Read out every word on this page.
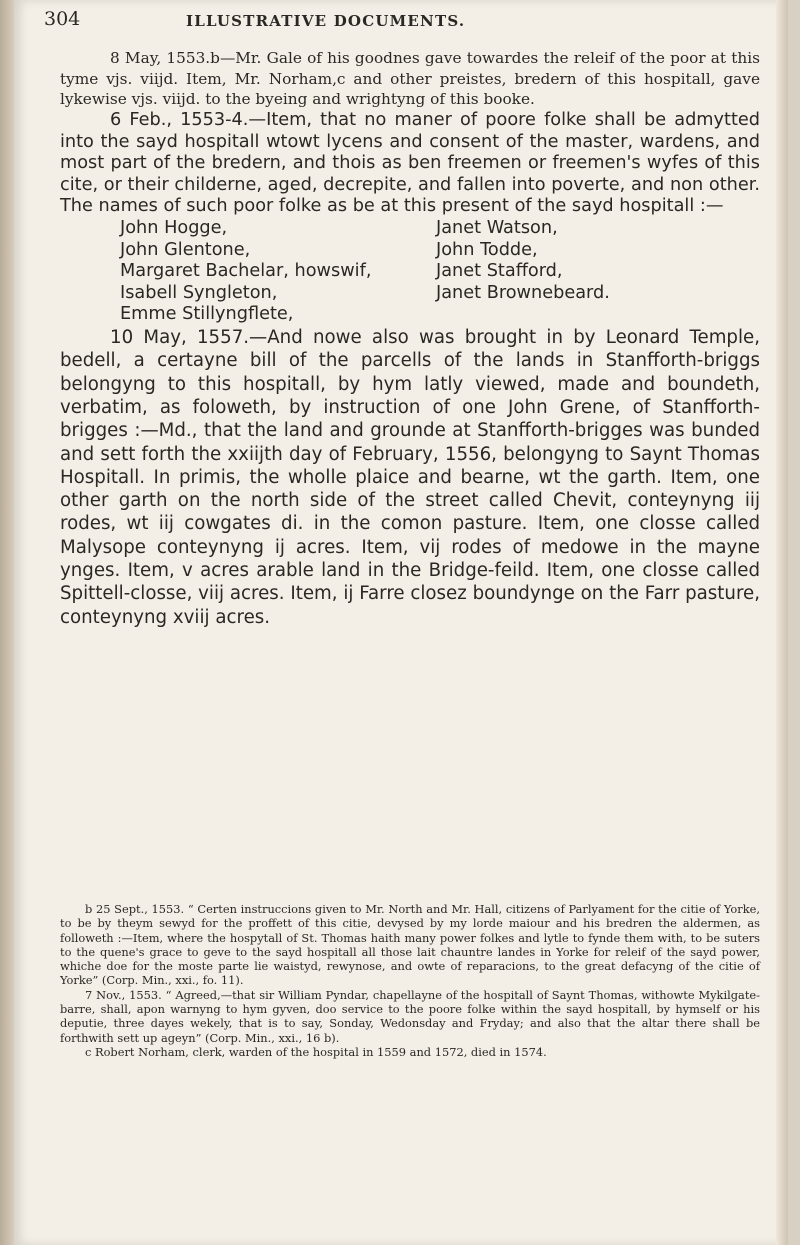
304	ILLUSTRATIVE DOCUMENTS.

8 May, 1553.b—Mr. Gale of his goodnes gave towardes the releif of the poor at this tyme vjs. viijd. Item, Mr. Norham,c and other preistes, bredern of this hospitall, gave lykewise vjs. viijd. to the byeing and wrightyng of this booke.

6 Feb., 1553-4.—Item, that no maner of poore folke shall be admytted into the sayd hospitall wtowt lycens and consent of the master, wardens, and most part of the bredern, and thois as ben freemen or freemen's wyfes of this cite, or their childerne, aged, decrepite, and fallen into poverte, and non other. The names of such poor folke as be at this present of the sayd hospitall :—

John Hogge,
John Glentone,
Margaret Bachelar, howswif,
Isabell Syngleton,
Emme Stillyngflete,
Janet Watson,
John Todde,
Janet Stafford,
Janet Brownebeard.

10 May, 1557.—And nowe also was brought in by Leonard Temple, bedell, a certayne bill of the parcells of the lands in Stanfforth-briggs belongyng to this hospitall, by hym latly viewed, made and boundeth, verbatim, as foloweth, by instruction of one John Grene, of Stanfforth-brigges :—Md., that the land and grounde at Stanfforth-brigges was bunded and sett forth the xxiijth day of February, 1556, belongyng to Saynt Thomas Hospitall. In primis, the wholle plaice and bearne, wt the garth. Item, one other garth on the north side of the street called Chevit, conteynyng iij rodes, wt iij cowgates di. in the comon pasture. Item, one closse called Malysope conteynyng ij acres. Item, vij rodes of medowe in the mayne ynges. Item, v acres arable land in the Bridge-feild. Item, one closse called Spittell-closse, viij acres. Item, ij Farre closez boundynge on the Farr pasture, conteynyng xviij acres.

b 25 Sept., 1553. “ Certen instruccions given to Mr. North and Mr. Hall, citizens of Parlyament for the citie of Yorke, to be by theym sewyd for the proffett of this citie, devysed by my lorde maiour and his bredren the aldermen, as followeth :—Item, where the hospytall of St. Thomas haith many power folkes and lytle to fynde them with, to be suters to the quene's grace to geve to the sayd hospitall all those lait chauntre landes in Yorke for releif of the sayd power, whiche doe for the moste parte lie waistyd, rewynose, and owte of reparacions, to the great defacyng of the citie of Yorke” (Corp. Min., xxi., fo. 11).

7 Nov., 1553. “ Agreed,—that sir William Pyndar, chapellayne of the hospitall of Saynt Thomas, withowte Mykilgate-barre, shall, apon warnyng to hym gyven, doo service to the poore folke within the sayd hospitall, by hymself or his deputie, three dayes wekely, that is to say, Sonday, Wedonsday and Fryday; and also that the altar there shall be forthwith sett up ageyn” (Corp. Min., xxi., 16 b).

c Robert Norham, clerk, warden of the hospital in 1559 and 1572, died in 1574.
